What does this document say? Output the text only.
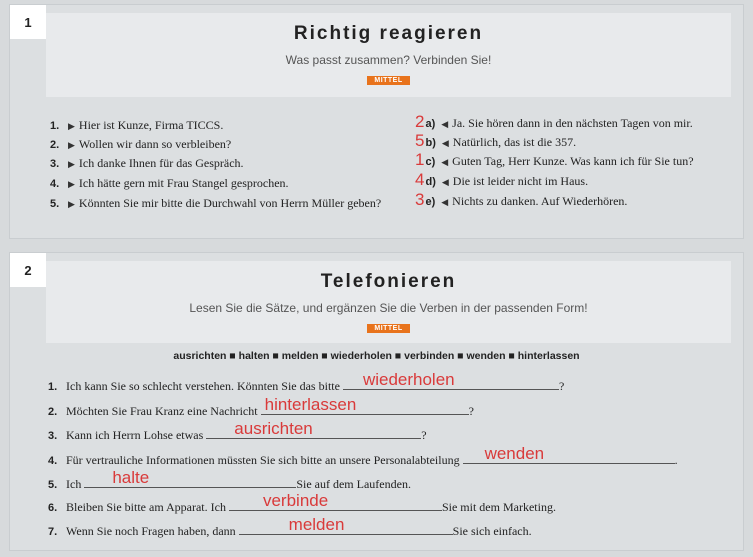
1
Richtig reagieren
Was passt zusammen? Verbinden Sie!
MITTEL
1. ▶ Hier ist Kunze, Firma TICCS.
2. ▶ Wollen wir dann so verbleiben?
3. ▶ Ich danke Ihnen für das Gespräch.
4. ▶ Ich hätte gern mit Frau Stangel gesprochen.
5. ▶ Könnten Sie mir bitte die Durchwahl von Herrn Müller geben?
2a) ◀ Ja. Sie hören dann in den nächsten Tagen von mir.
5b) ◀ Natürlich, das ist die 357.
1c) ◀ Guten Tag, Herr Kunze. Was kann ich für Sie tun?
4d) ◀ Die ist leider nicht im Haus.
3e) ◀ Nichts zu danken. Auf Wiederhören.
2
Telefonieren
Lesen Sie die Sätze, und ergänzen Sie die Verben in der passenden Form!
MITTEL
ausrichten ■ halten ■ melden ■ wiederholen ■ verbinden ■ wenden ■ hinterlassen
1. Ich kann Sie so schlecht verstehen. Könnten Sie das bitte wiederholen	?
2. Möchten Sie Frau Kranz eine Nachricht hinterlassen	?
3. Kann ich Herrn Lohse etwas ausrichten	?
4. Für vertrauliche Informationen müssten Sie sich bitte an unsere Personalabteilung wenden	.
5. Ich halte	Sie auf dem Laufenden.
6. Bleiben Sie bitte am Apparat. Ich verbinde	Sie mit dem Marketing.
7. Wenn Sie noch Fragen haben, dann	melden	Sie sich einfach.
